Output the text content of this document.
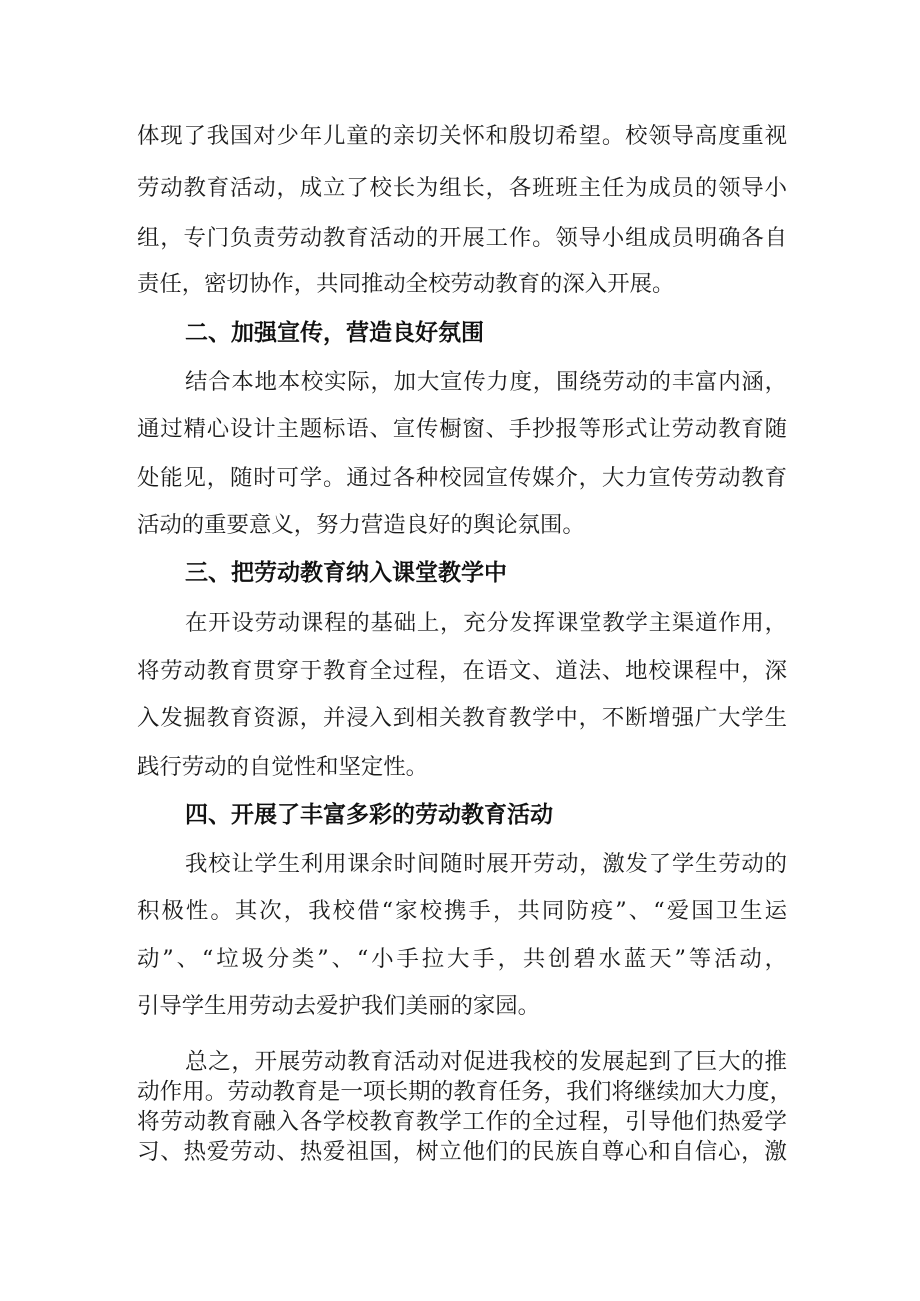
体现了我国对少年儿童的亲切关怀和殷切希望。校领导高度重视
劳动教育活动，成立了校长为组长，各班班主任为成员的领导小
组，专门负责劳动教育活动的开展工作。领导小组成员明确各自
责任，密切协作，共同推动全校劳动教育的深入开展。
二、加强宣传，营造良好氛围
结合本地本校实际，加大宣传力度，围绕劳动的丰富内涵，
通过精心设计主题标语、宣传橱窗、手抄报等形式让劳动教育随
处能见，随时可学。通过各种校园宣传媒介，大力宣传劳动教育
活动的重要意义，努力营造良好的舆论氛围。
三、把劳动教育纳入课堂教学中
在开设劳动课程的基础上，充分发挥课堂教学主渠道作用，
将劳动教育贯穿于教育全过程，在语文、道法、地校课程中，深
入发掘教育资源，并浸入到相关教育教学中，不断增强广大学生
践行劳动的自觉性和坚定性。
四、开展了丰富多彩的劳动教育活动
我校让学生利用课余时间随时展开劳动，激发了学生劳动的
积极性。其次，我校借“家校携手，共同防疫”、“爱国卫生运
动”、“垃圾分类”、“小手拉大手，共创碧水蓝天”等活动，
引导学生用劳动去爱护我们美丽的家园。
总之，开展劳动教育活动对促进我校的发展起到了巨大的推
动作用。劳动教育是一项长期的教育任务，我们将继续加大力度，
将劳动教育融入各学校教育教学工作的全过程，引导他们热爱学
习、热爱劳动、热爱祖国，树立他们的民族自尊心和自信心，激
